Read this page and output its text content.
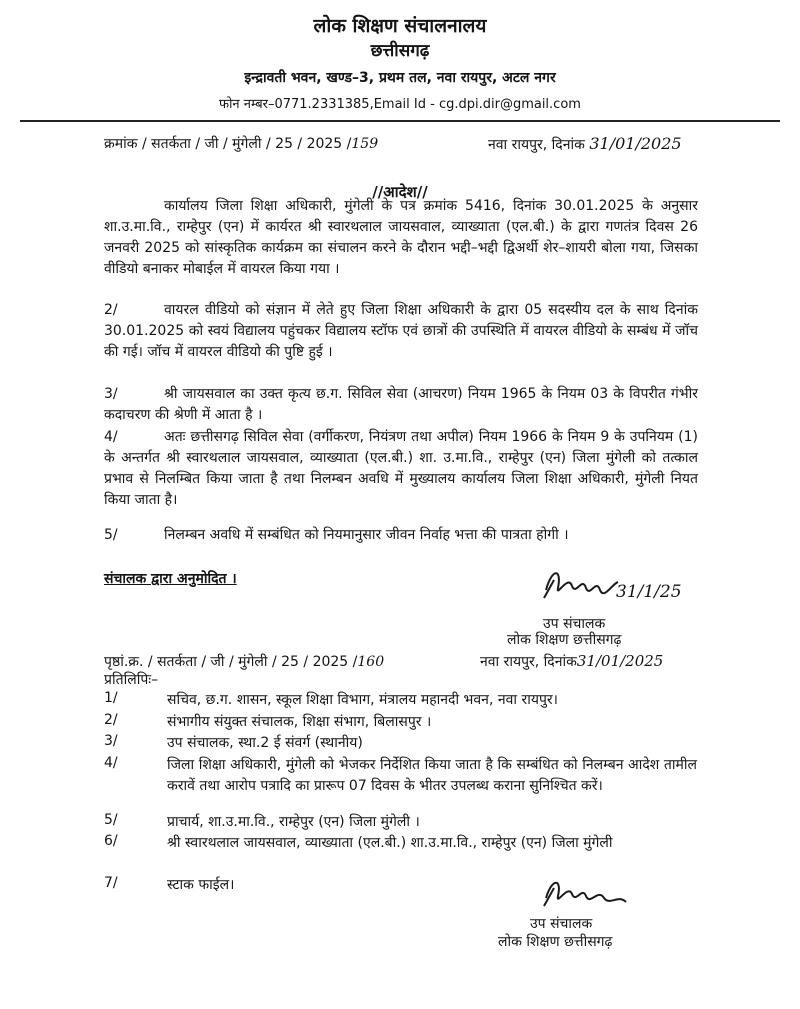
लोक शिक्षण संचालनालय
छत्तीसगढ़
इन्द्रावती भवन, खण्ड–3, प्रथम तल, नवा रायपुर, अटल नगर
फोन नम्बर–0771.2331385,Email Id - cg.dpi.dir@gmail.com
क्रमांक / सतर्कता / जी / मुंगेली / 25 / 2025 /159	नवा रायपुर, दिनांक 31/01/2025
//आदेश//
कार्यालय जिला शिक्षा अधिकारी, मुंगेली के पत्र क्रमांक 5416, दिनांक 30.01.2025 के अनुसार शा.उ.मा.वि., राम्हेपुर (एन) में कार्यरत श्री स्वारथलाल जायसवाल, व्याख्याता (एल.बी.) के द्वारा गणतंत्र दिवस 26 जनवरी 2025 को सांस्कृतिक कार्यक्रम का संचालन करने के दौरान भद्दी–भद्दी द्विअर्थी शेर–शायरी बोला गया, जिसका वीडियो बनाकर मोबाईल में वायरल किया गया ।
2/	वायरल वीडियो को संज्ञान में लेते हुए जिला शिक्षा अधिकारी के द्वारा 05 सदस्यीय दल के साथ दिनांक 30.01.2025 को स्वयं विद्यालय पहुंचकर विद्यालय स्टॉफ एवं छात्रों की उपस्थिति में वायरल वीडियो के सम्बंध में जॉच की गई। जॉच में वायरल वीडियो की पुष्टि हुई ।
3/	श्री जायसवाल का उक्त कृत्य छ.ग. सिविल सेवा (आचरण) नियम 1965 के नियम 03 के विपरीत गंभीर कदाचरण की श्रेणी में आता है ।
4/	अतः छत्तीसगढ़ सिविल सेवा (वर्गीकरण, नियंत्रण तथा अपील) नियम 1966 के नियम 9 के उपनियम (1) के अन्तर्गत श्री स्वारथलाल जायसवाल, व्याख्याता (एल.बी.) शा. उ.मा.वि., राम्हेपुर (एन) जिला मुंगेली को तत्काल प्रभाव से निलम्बित किया जाता है तथा निलम्बन अवधि में मुख्यालय कार्यालय जिला शिक्षा अधिकारी, मुंगेली नियत किया जाता है।
5/	निलम्बन अवधि में सम्बंधित को नियमानुसार जीवन निर्वाह भत्ता की पात्रता होगी ।
संचालक द्वारा अनुमोदित ।
31/1/25
उप संचालक
लोक शिक्षण छत्तीसगढ़
पृष्ठां.क्र. / सतर्कता / जी / मुंगेली / 25 / 2025 /160	नवा रायपुर, दिनांक31/01/2025
प्रतिलिपिः–
1/	सचिव, छ.ग. शासन, स्कूल शिक्षा विभाग, मंत्रालय महानदी भवन, नवा रायपुर।
2/	संभागीय संयुक्त संचालक, शिक्षा संभाग, बिलासपुर ।
3/	उप संचालक, स्था.2 ई संवर्ग (स्थानीय)
4/	जिला शिक्षा अधिकारी, मुंगेली को भेजकर निर्देशित किया जाता है कि सम्बंधित को निलम्बन आदेश तामील करावें तथा आरोप पत्रादि का प्रारूप 07 दिवस के भीतर उपलब्ध कराना सुनिश्चित करें।
5/	प्राचार्य, शा.उ.मा.वि., राम्हेपुर (एन) जिला मुंगेली ।
6/	श्री स्वारथलाल जायसवाल, व्याख्याता (एल.बी.) शा.उ.मा.वि., राम्हेपुर (एन) जिला मुंगेली
7/	स्टाक फाईल।
उप संचालक
लोक शिक्षण छत्तीसगढ़
